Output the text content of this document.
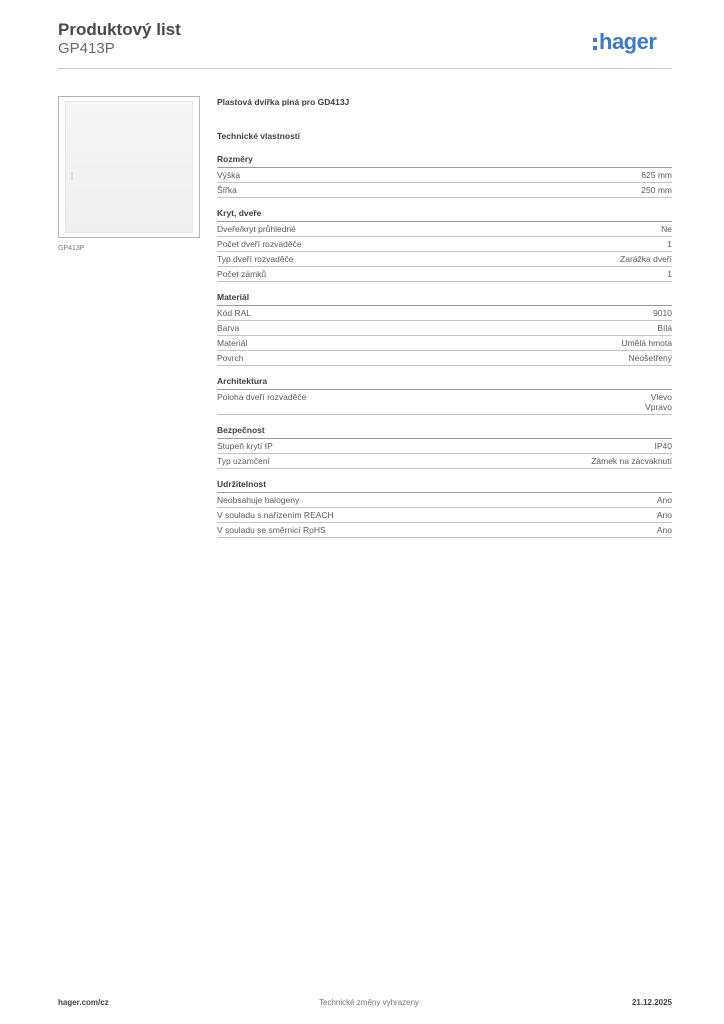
Produktový list
GP413P	hager
GP413P
Plastová dvířka plná pro GD413J
Technické vlastnosti
Rozměry
Výška	625 mm
Šířka	250 mm
Kryt, dveře
Dveře/kryt průhledné	Ne
Počet dveří rozvaděče	1
Typ dveří rozvaděče	Zarážka dveří
Počet zámků	1
Materiál
Kód RAL	9010
Barva	Bílá
Materiál	Umělá hmota
Povrch	Neošetřený
Architektura
Poloha dveří rozvaděče	Vlevo
Vpravo
Bezpečnost
Stupeň krytí IP	IP40
Typ uzamčení	Zámek na zacvaknutí
Udržitelnost
Neobsahuje halogeny	Ano
V souladu s nařízením REACH	Ano
V souladu se směrnicí RoHS	Ano
hager.com/cz	Technické změny vyhrazeny	21.12.2025
